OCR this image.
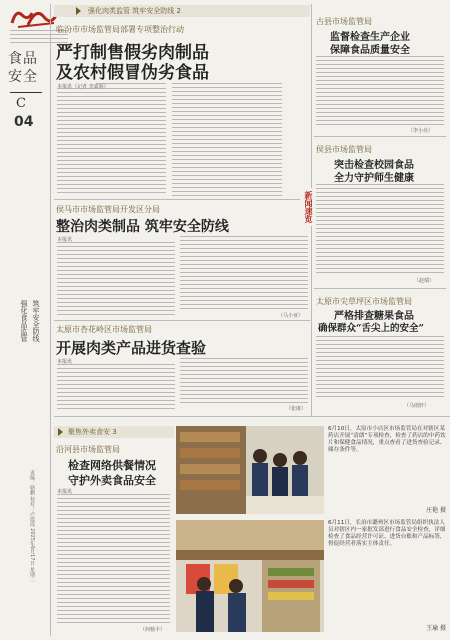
食品安全
C
04
强化食品监管 筑牢安全防线
责编：骆鹏 校对：卢霞霞 2025年6月17日 星期二
强化肉类监管 筑牢安全防线 2
临汾市市场监管局部署专项整治行动
严打制售假劣肉制品
及农村假冒伪劣食品
本报讯（记者 李嘉海）
侯马市市场监管局开发区分局
整治肉类制品 筑牢安全防线
本报讯
（马小亚）
太原市杏花岭区市场监管局
开展肉类产品进货查验
本报讯
（张康）
新闻速览
古县市场监管局
监督检查生产企业
保障食品质量安全
（李小亮）
侯县市场监管局
突击检查校园食品
全力守护师生健康
（赵瑞）
太原市尖草坪区市场监管局
严格排查糖果食品
确保群众“舌尖上的安全”
（马雨轩）
聚焦外卖食安 3
沿河县市场监管局
检查网络供餐情况
守护外卖食品安全
本报讯
（何杨丰）
6月10日，太原市小店区市场监管局在对辖区某药店开展“清朗”专项检查，检查了药店的中药饮片和保健食品情况，重点查看了进货查验记录、储存条件等。
庄艳 摄
6月11日，长治市潞州区市场监管局组织执法人员对辖区内一家批发部进行食品安全检查，详细检查了食品经营许可证、进货台账和产品标签，督促经营者落实主体责任。
王瑜 摄
